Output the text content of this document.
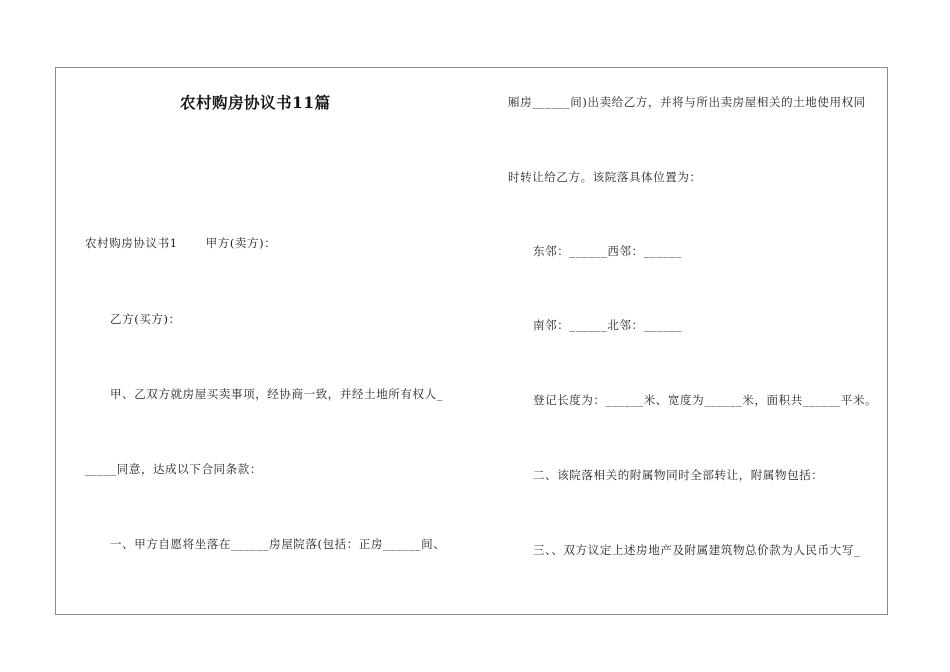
农村购房协议书11篇
农村购房协议书1 甲方(卖方)：
乙方(买方)：
甲、乙双方就房屋买卖事项，经协商一致，并经土地所有权人_
_____同意，达成以下合同条款：
一、甲方自愿将坐落在______房屋院落(包括：正房______间、
厢房______间)出卖给乙方，并将与所出卖房屋相关的土地使用权同
时转让给乙方。该院落具体位置为：
东邻：______西邻：______
南邻：______北邻：______
登记长度为：______米、宽度为______米，面积共______平米。
二、该院落相关的附属物同时全部转让，附属物包括：
三、、双方议定上述房地产及附属建筑物总价款为人民币大写_
